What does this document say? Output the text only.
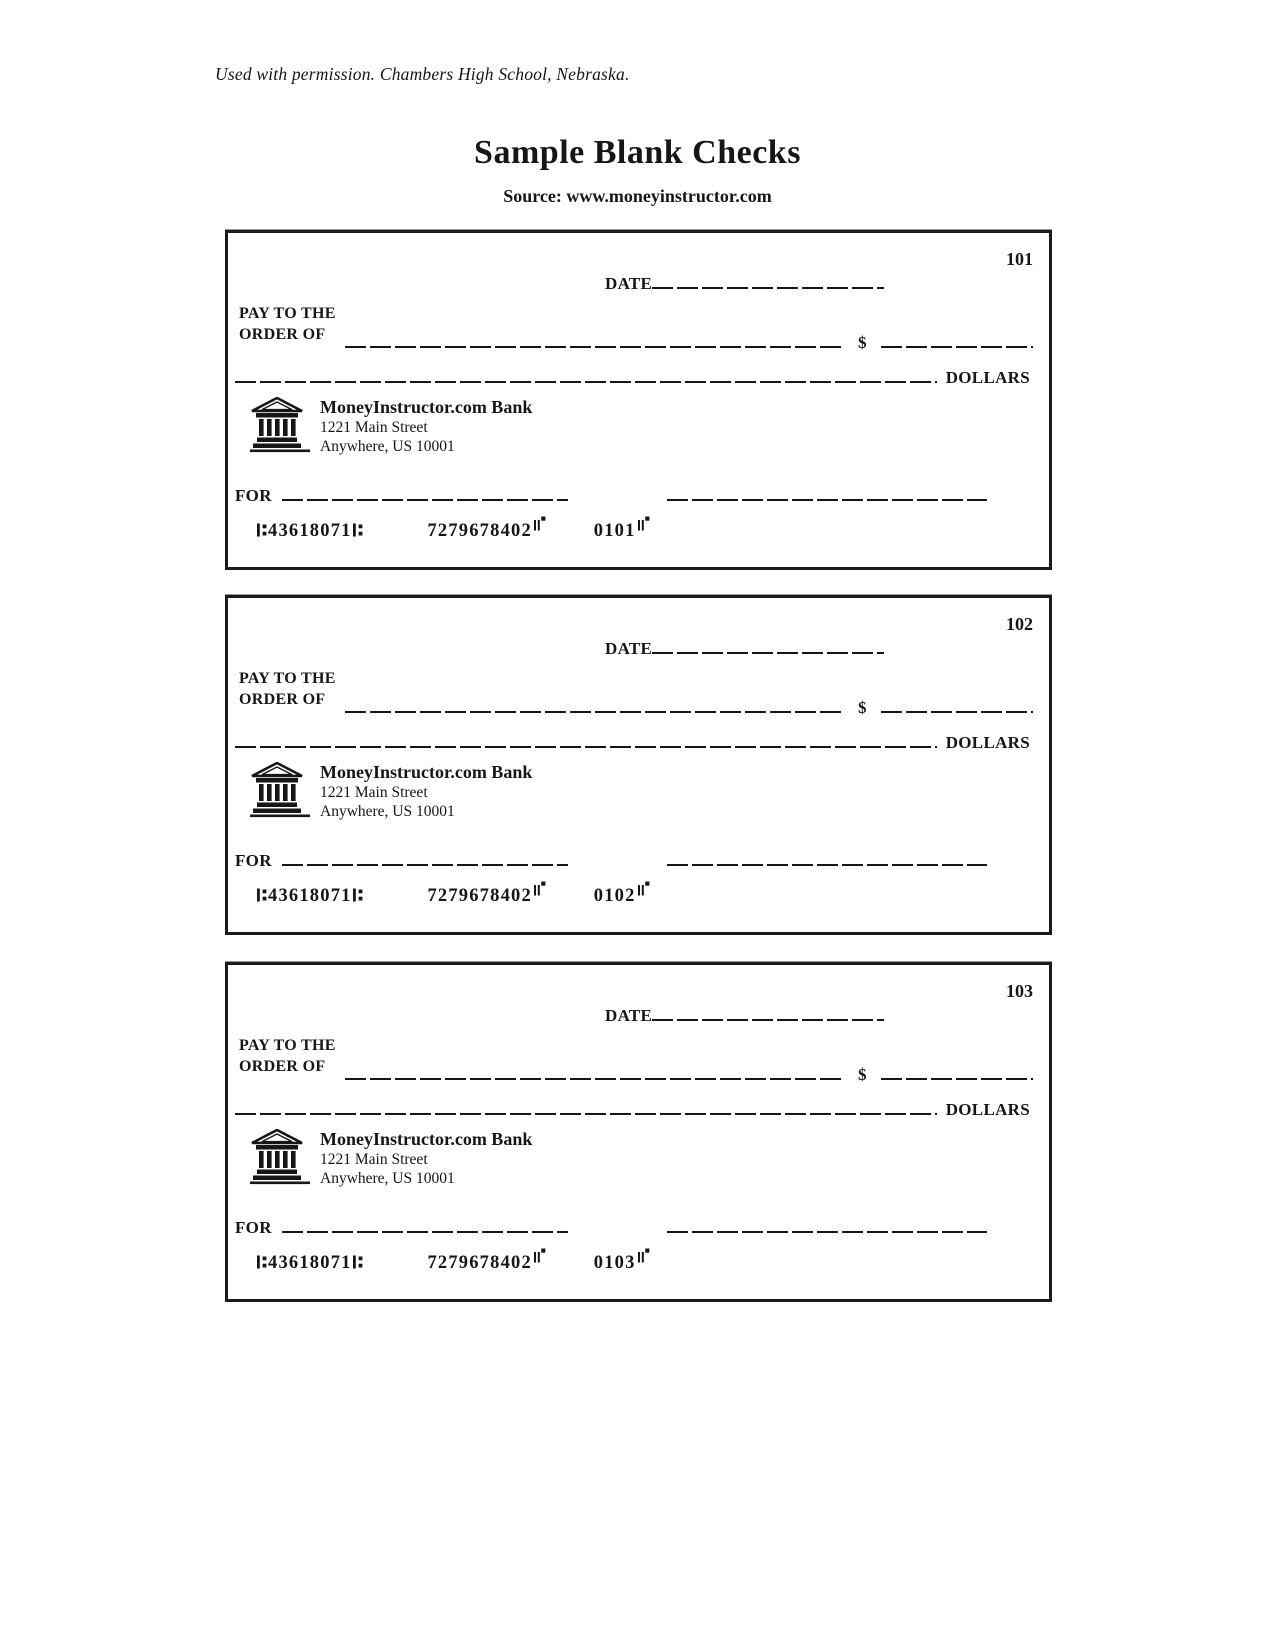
Used with permission. Chambers High School, Nebraska.
Sample Blank Checks
Source: www.moneyinstructor.com
101
DATE
PAY TO THE
ORDER OF	$
DOLLARS
MoneyInstructor.com Bank
1221 Main Street
Anywhere, US 10001
FOR
43618071	7279678402	0101
102
DATE
PAY TO THE
ORDER OF	$
DOLLARS
MoneyInstructor.com Bank
1221 Main Street
Anywhere, US 10001
FOR
43618071	7279678402	0102
103
DATE
PAY TO THE
ORDER OF	$
DOLLARS
MoneyInstructor.com Bank
1221 Main Street
Anywhere, US 10001
FOR
43618071	7279678402	0103
